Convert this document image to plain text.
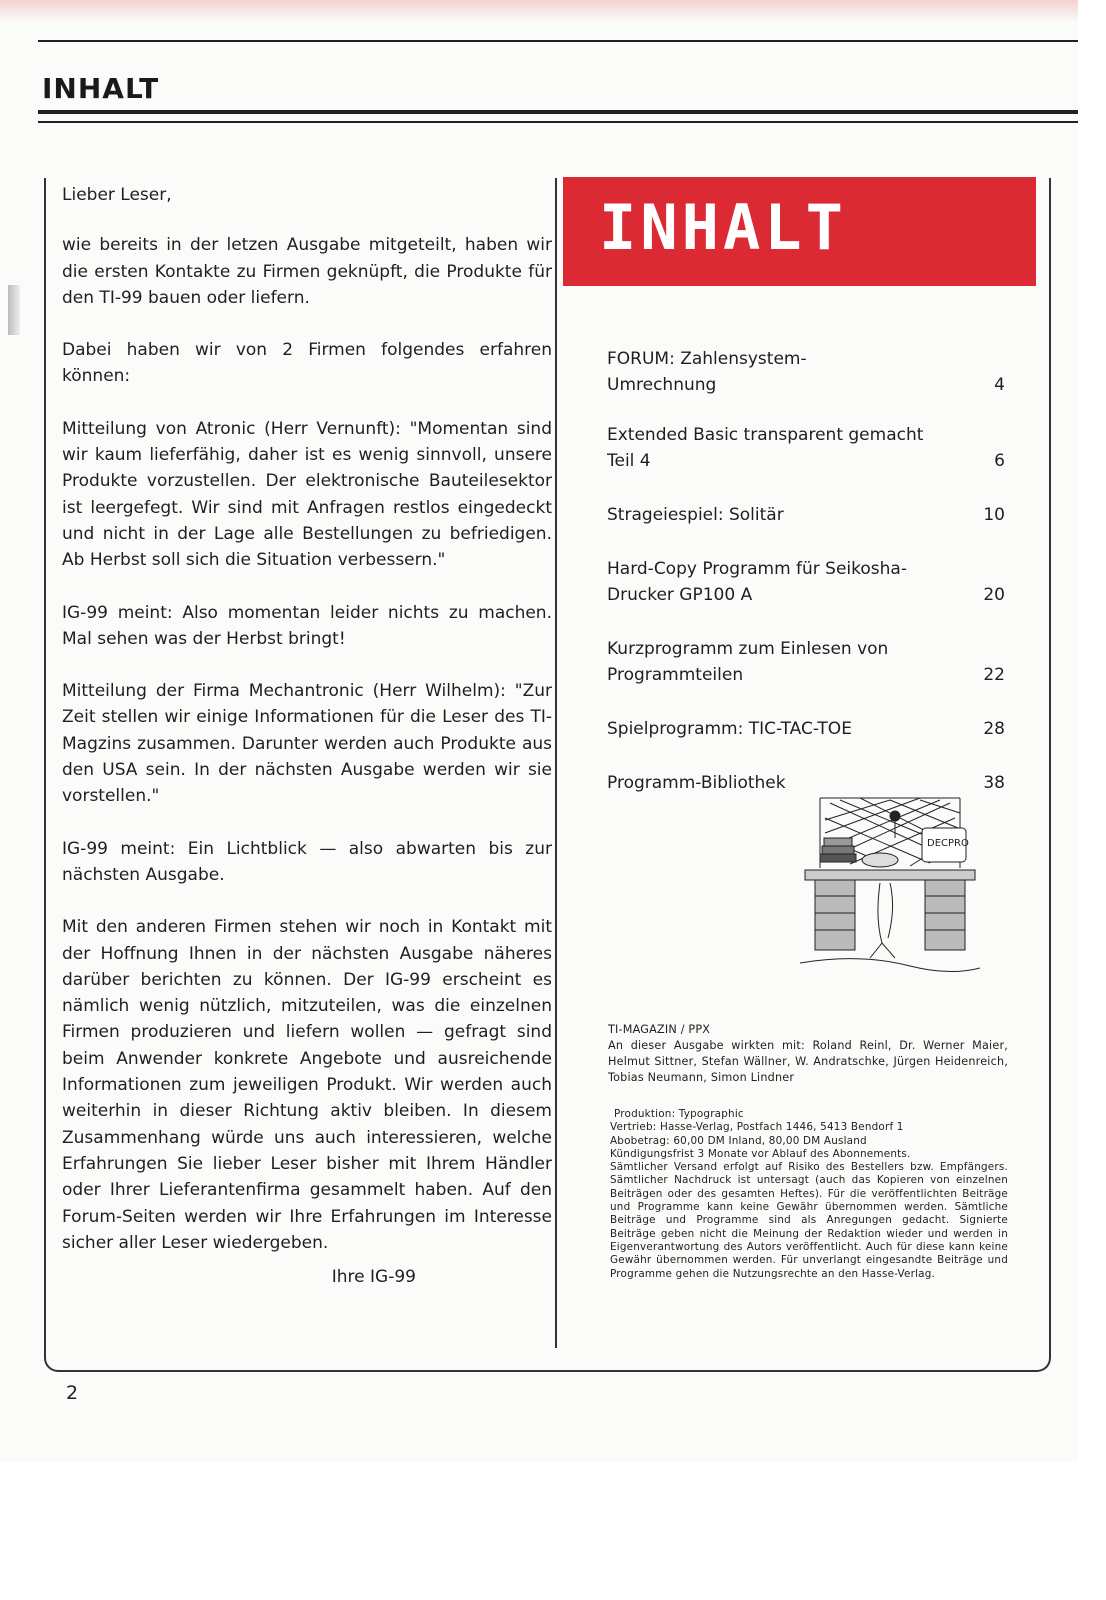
INHALT

Lieber Leser,

wie bereits in der letzen Ausgabe mitgeteilt, haben wir die ersten Kontakte zu Firmen geknüpft, die Produkte für den TI-99 bauen oder liefern.

Dabei haben wir von 2 Firmen folgendes erfahren können:

Mitteilung von Atronic (Herr Vernunft): "Momentan sind wir kaum lieferfähig, daher ist es wenig sinnvoll, unsere Produkte vorzustellen. Der elektronische Bauteilesektor ist leergefegt. Wir sind mit Anfragen restlos eingedeckt und nicht in der Lage alle Bestellungen zu befriedigen. Ab Herbst soll sich die Situation verbessern."

IG-99 meint: Also momentan leider nichts zu machen. Mal sehen was der Herbst bringt!

Mitteilung der Firma Mechantronic (Herr Wilhelm): "Zur Zeit stellen wir einige Informationen für die Leser des TI-Magzins zusammen. Darunter werden auch Produkte aus den USA sein. In der nächsten Ausgabe werden wir sie vorstellen."

IG-99 meint: Ein Lichtblick — also abwarten bis zur nächsten Ausgabe.

Mit den anderen Firmen stehen wir noch in Kontakt mit der Hoffnung Ihnen in der nächsten Ausgabe näheres darüber berichten zu können. Der IG-99 erscheint es nämlich wenig nützlich, mitzuteilen, was die einzelnen Firmen produzieren und liefern wollen — gefragt sind beim Anwender konkrete Angebote und ausreichende Informationen zum jeweiligen Produkt. Wir werden auch weiterhin in dieser Richtung aktiv bleiben. In diesem Zusammenhang würde uns auch interessieren, welche Erfahrungen Sie lieber Leser bisher mit Ihrem Händler oder Ihrer Lieferantenfirma gesammelt haben. Auf den Forum-Seiten werden wir Ihre Erfahrungen im Interesse sicher aller Leser wiedergeben.

Ihre IG-99

INHALT
FORUM: Zahlensystem-Umrechnung	4
Extended Basic transparent gemacht Teil 4	6
Strageiespiel: Solitär	10
Hard-Copy Programm für Seikosha-Drucker GP100 A	20
Kurzprogramm zum Einlesen von Programmteilen	22
Spielprogramm: TIC-TAC-TOE	28
Programm-Bibliothek	38
DECPRO
TI-MAGAZIN / PPX
An dieser Ausgabe wirkten mit: Roland Reinl, Dr. Werner Maier, Helmut Sittner, Stefan Wällner, W. Andratschke, Jürgen Heidenreich, Tobias Neumann, Simon Lindner
Produktion: Typographic
Vertrieb: Hasse-Verlag, Postfach 1446, 5413 Bendorf 1
Abobetrag: 60,00 DM Inland, 80,00 DM Ausland
Kündigungsfrist 3 Monate vor Ablauf des Abonnements.
Sämtlicher Versand erfolgt auf Risiko des Bestellers bzw. Empfängers. Sämtlicher Nachdruck ist untersagt (auch das Kopieren von einzelnen Beiträgen oder des gesamten Heftes). Für die veröffentlichten Beiträge und Programme kann keine Gewähr übernommen werden. Sämtliche Beiträge und Programme sind als Anregungen gedacht. Signierte Beiträge geben nicht die Meinung der Redaktion wieder und werden in Eigenverantwortung des Autors veröffentlicht. Auch für diese kann keine Gewähr übernommen werden. Für unverlangt eingesandte Beiträge und Programme gehen die Nutzungsrechte an den Hasse-Verlag.
2
